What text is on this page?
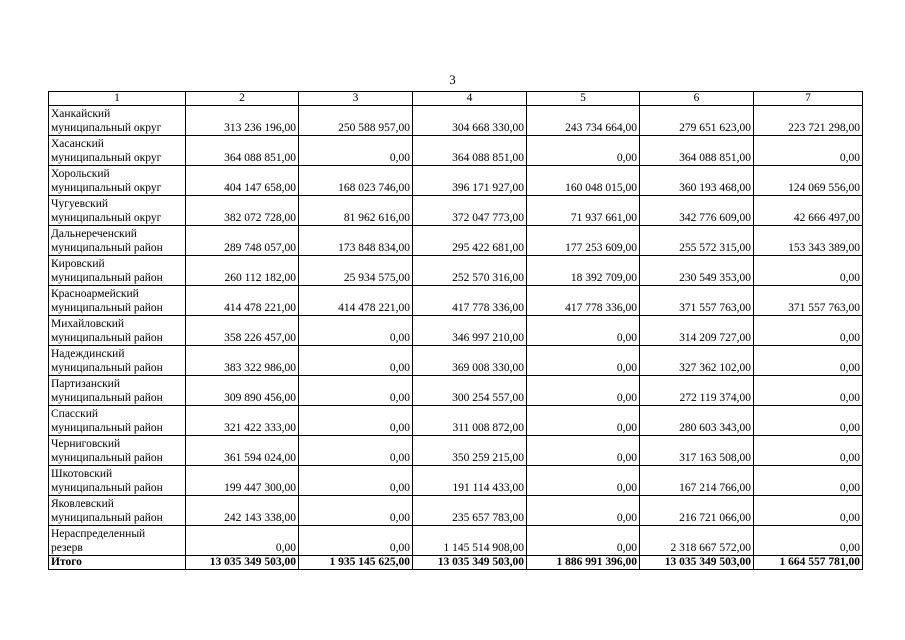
3
1	2	3	4	5	6	7

Ханкайский
муниципальный округ	313 236 196,00	250 588 957,00	304 668 330,00	243 734 664,00	279 651 623,00	223 721 298,00

Хасанский
муниципальный округ	364 088 851,00	0,00	364 088 851,00	0,00	364 088 851,00	0,00

Хорольский
муниципальный округ	404 147 658,00	168 023 746,00	396 171 927,00	160 048 015,00	360 193 468,00	124 069 556,00

Чугуевский
муниципальный округ	382 072 728,00	81 962 616,00	372 047 773,00	71 937 661,00	342 776 609,00	42 666 497,00

Дальнереченский
муниципальный район	289 748 057,00	173 848 834,00	295 422 681,00	177 253 609,00	255 572 315,00	153 343 389,00

Кировский
муниципальный район	260 112 182,00	25 934 575,00	252 570 316,00	18 392 709,00	230 549 353,00	0,00

Красноармейский
муниципальный район	414 478 221,00	414 478 221,00	417 778 336,00	417 778 336,00	371 557 763,00	371 557 763,00

Михайловский
муниципальный район	358 226 457,00	0,00	346 997 210,00	0,00	314 209 727,00	0,00

Надеждинский
муниципальный район	383 322 986,00	0,00	369 008 330,00	0,00	327 362 102,00	0,00

Партизанский
муниципальный район	309 890 456,00	0,00	300 254 557,00	0,00	272 119 374,00	0,00

Спасский
муниципальный район	321 422 333,00	0,00	311 008 872,00	0,00	280 603 343,00	0,00

Черниговский
муниципальный район	361 594 024,00	0,00	350 259 215,00	0,00	317 163 508,00	0,00

Шкотовский
муниципальный район	199 447 300,00	0,00	191 114 433,00	0,00	167 214 766,00	0,00

Яковлевский
муниципальный район	242 143 338,00	0,00	235 657 783,00	0,00	216 721 066,00	0,00

Нераспределенный
резерв	0,00	0,00	1 145 514 908,00	0,00	2 318 667 572,00	0,00
Итого	13 035 349 503,00	1 935 145 625,00	13 035 349 503,00	1 886 991 396,00	13 035 349 503,00	1 664 557 781,00
